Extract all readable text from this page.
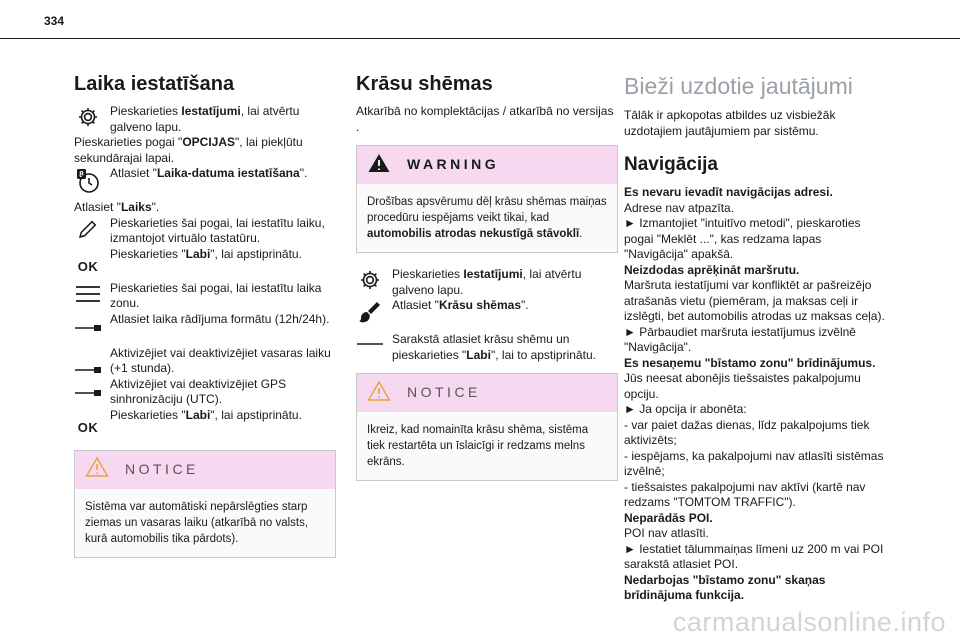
334
Laika iestatīšana

Pieskarieties Iestatījumi, lai atvērtu galveno lapu.

Pieskarieties pogai "OPCIJAS", lai piekļūtu sekundārajai lapai.

8 Atlasiet "Laika-datuma iestatīšana".

Atlasiet "Laiks".

Pieskarieties šai pogai, lai iestatītu laiku, izmantojot virtuālo tastatūru.

OK

Pieskarieties "Labi", lai apstiprinātu.

Pieskarieties šai pogai, lai iestatītu laika zonu.

Atlasiet laika rādījuma formātu (12h/24h).

Aktivizējiet vai deaktivizējiet vasaras laiku (+1 stunda).

Aktivizējiet vai deaktivizējiet GPS sinhronizāciju (UTC).

OK

Pieskarieties "Labi", lai apstiprinātu.

NOTICE
Sistēma var automātiski nepārslēgties starp ziemas un vasaras laiku (atkarībā no valsts, kurā automobilis tika pārdots).
Krāsu shēmas

Atkarībā no komplektācijas / atkarībā no versijas .

WARNING
Drošības apsvērumu dēļ krāsu shēmas maiņas procedūru iespējams veikt tikai, kad automobilis atrodas nekustīgā stāvoklī.

Pieskarieties Iestatījumi, lai atvērtu galveno lapu.

Atlasiet "Krāsu shēmas".

Sarakstā atlasiet krāsu shēmu un pieskarieties "Labi", lai to apstiprinātu.

NOTICE
Ikreiz, kad nomainīta krāsu shēma, sistēma tiek restartēta un īslaicīgi ir redzams melns ekrāns.
Bieži uzdotie jautājumi

Tālāk ir apkopotas atbildes uz visbiežāk uzdotajiem jautājumiem par sistēmu.

Navigācija

Es nevaru ievadīt navigācijas adresi.

Adrese nav atpazīta.

► Izmantojiet "intuitīvo metodi", pieskaroties pogai "Meklēt ...", kas redzama lapas "Navigācija" apakšā.

Neizdodas aprēķināt maršrutu.

Maršruta iestatījumi var konfliktēt ar pašreizējo atrašanās vietu (piemēram, ja maksas ceļi ir izslēgti, bet automobilis atrodas uz maksas ceļa).

► Pārbaudiet maršruta iestatījumus izvēlnē "Navigācija".

Es nesaņemu "bīstamo zonu" brīdinājumus.

Jūs neesat abonējis tiešsaistes pakalpojumu opciju.

► Ja opcija ir abonēta:

- var paiet dažas dienas, līdz pakalpojums tiek aktivizēts;

- iespējams, ka pakalpojumi nav atlasīti sistēmas izvēlnē;

- tiešsaistes pakalpojumi nav aktīvi (kartē nav redzams "TOMTOM TRAFFIC").

Neparādās POI.

POI nav atlasīti.

► Iestatiet tālummaiņas līmeni uz 200 m vai POI sarakstā atlasiet POI.

Nedarbojas "bīstamo zonu" skaņas brīdinājuma funkcija.

carmanualsonline.info
